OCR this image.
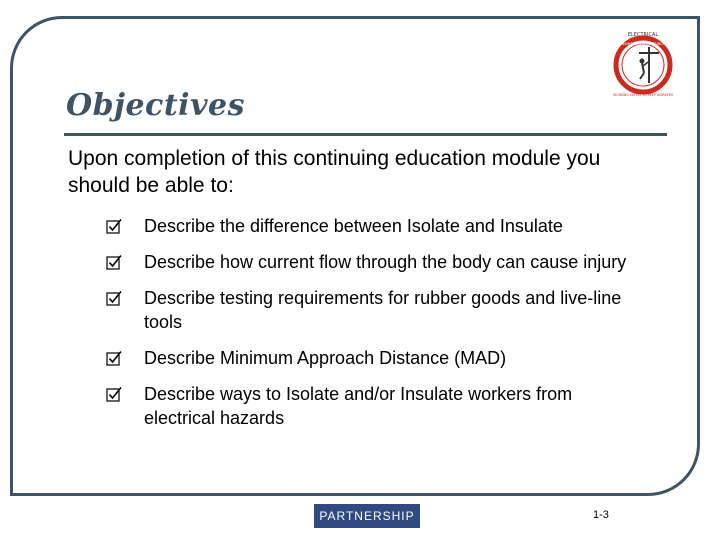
ELECTRICAL
TRANSMISSION & DISTRIBUTION
WORKING SAFELY TO KEEP WORKERS
Objectives

Upon completion of this continuing education module you should be able to:

Describe the difference between Isolate and Insulate
Describe how current flow through the body can cause injury
Describe testing requirements for rubber goods and live-line tools
Describe Minimum Approach Distance (MAD)
Describe ways to Isolate and/or Insulate workers from electrical hazards
PARTNERSHIP	1-3
